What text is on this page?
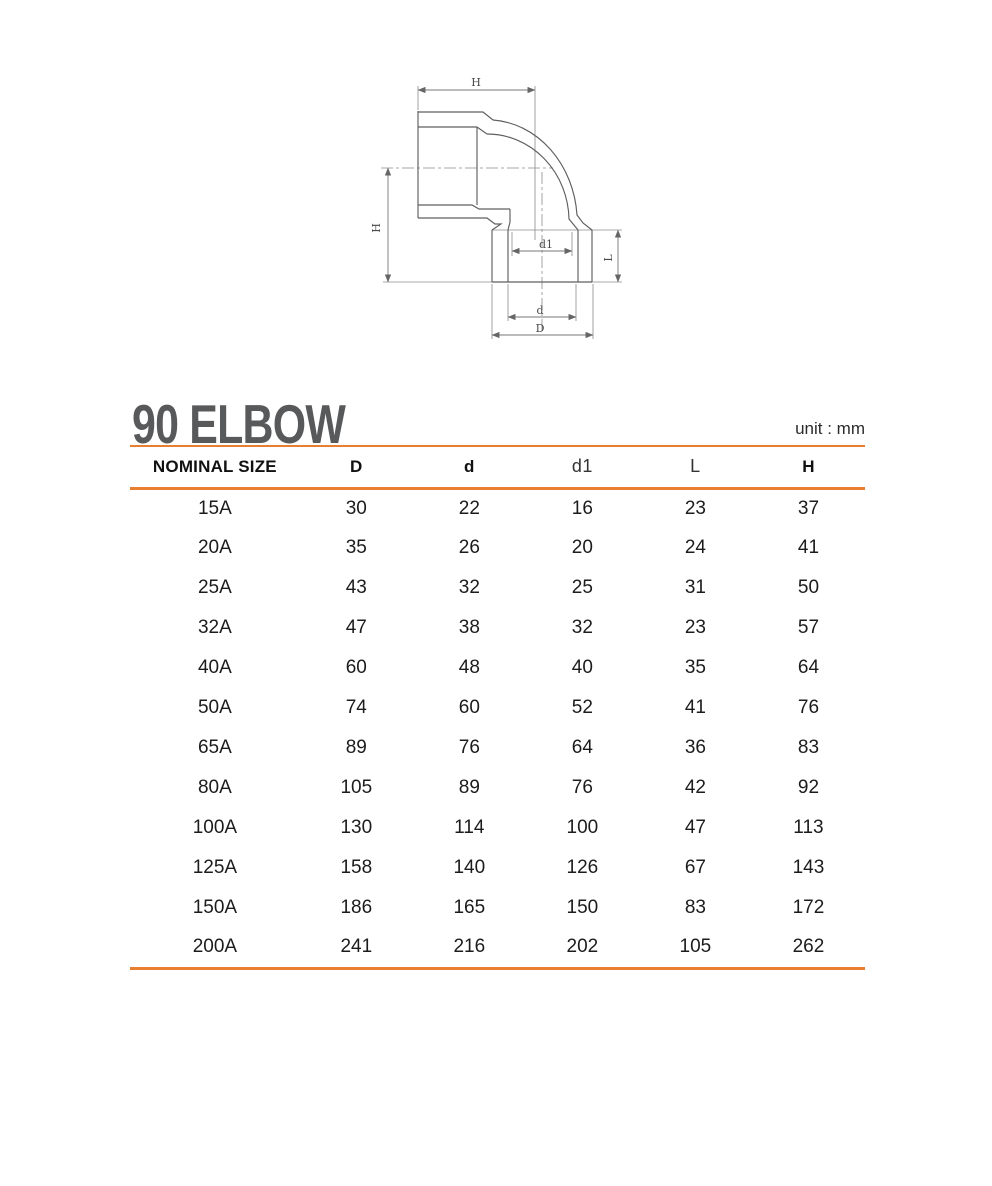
H
H
L
d1
d
D
90 ELBOW	unit : mm
NOMINAL SIZE	D	d	d1	L	H
15A	30	22	16	23	37
20A	35	26	20	24	41
25A	43	32	25	31	50
32A	47	38	32	23	57
40A	60	48	40	35	64
50A	74	60	52	41	76
65A	89	76	64	36	83
80A	105	89	76	42	92
100A	130	114	100	47	113
125A	158	140	126	67	143
150A	186	165	150	83	172
200A	241	216	202	105	262
